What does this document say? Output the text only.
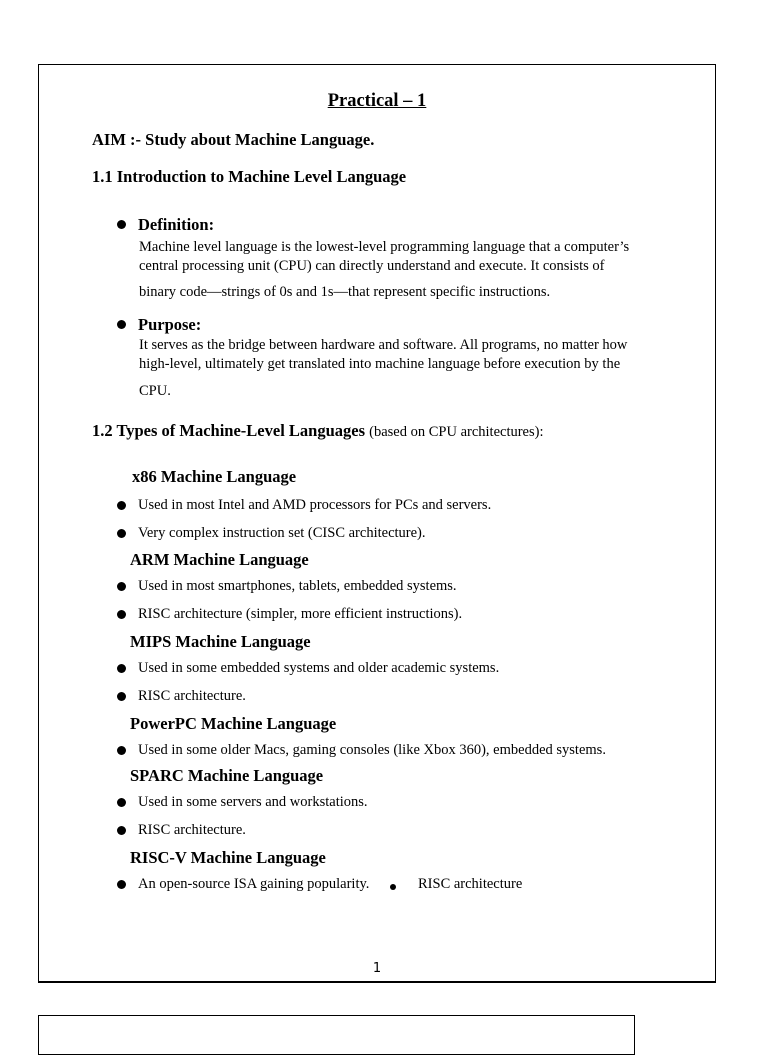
Practical – 1
AIM :- Study about Machine Language.
1.1 Introduction to Machine Level Language
Definition:
Machine level language is the lowest-level programming language that a computer’s
central processing unit (CPU) can directly understand and execute. It consists of
binary code—strings of 0s and 1s—that represent specific instructions.
Purpose:
It serves as the bridge between hardware and software. All programs, no matter how
high-level, ultimately get translated into machine language before execution by the
CPU.
1.2 Types of Machine-Level Languages (based on CPU architectures):
x86 Machine Language
Used in most Intel and AMD processors for PCs and servers.
Very complex instruction set (CISC architecture).
ARM Machine Language
Used in most smartphones, tablets, embedded systems.
RISC architecture (simpler, more efficient instructions).
MIPS Machine Language
Used in some embedded systems and older academic systems.
RISC architecture.
PowerPC Machine Language
Used in some older Macs, gaming consoles (like Xbox 360), embedded systems.
SPARC Machine Language
Used in some servers and workstations.
RISC architecture.
RISC-V Machine Language
An open-source ISA gaining popularity.	RISC architecture
1
